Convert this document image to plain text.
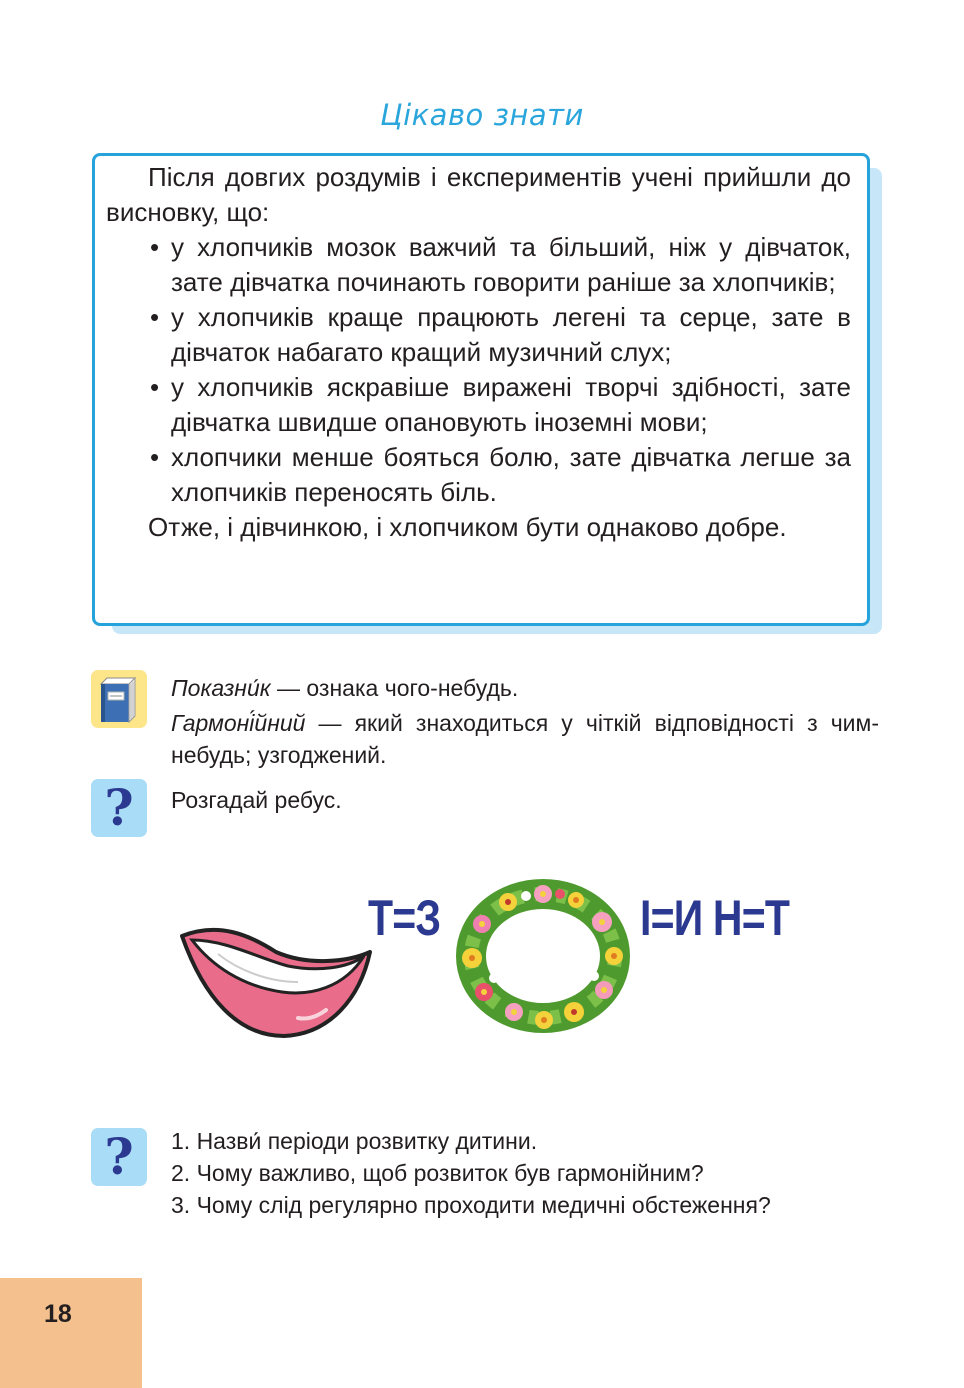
Цікаво знати

Після довгих роздумів і експериментів учені прийшли до висновку, що:

• у хлопчиків мозок важчий та більший, ніж у дівчаток, зате дівчатка починають говорити раніше за хлопчиків;
• у хлопчиків краще працюють легені та серце, зате в дівчаток набагато кращий музичний слух;
• у хлопчиків яскравіше виражені творчі здібності, зате дівчатка швидше опановують іноземні мови;
• хлопчики менше бояться болю, зате дівчатка легше за хлопчиків переносять біль.

Отже, і дівчинкою, і хлопчиком бути однаково добре.

Показни́к — ознака чого-небудь.
Гармоні́йний — який знаходиться у чіткій відповідності з чим-небудь; узгоджений.
?	Розгадай ребус.
Т=З	І=И Н=Т
?	1. Назви́ періоди розвитку дитини.
2. Чому важливо, щоб розвиток був гармонійним?
3. Чому слід регулярно проходити медичні обстеження?
18
